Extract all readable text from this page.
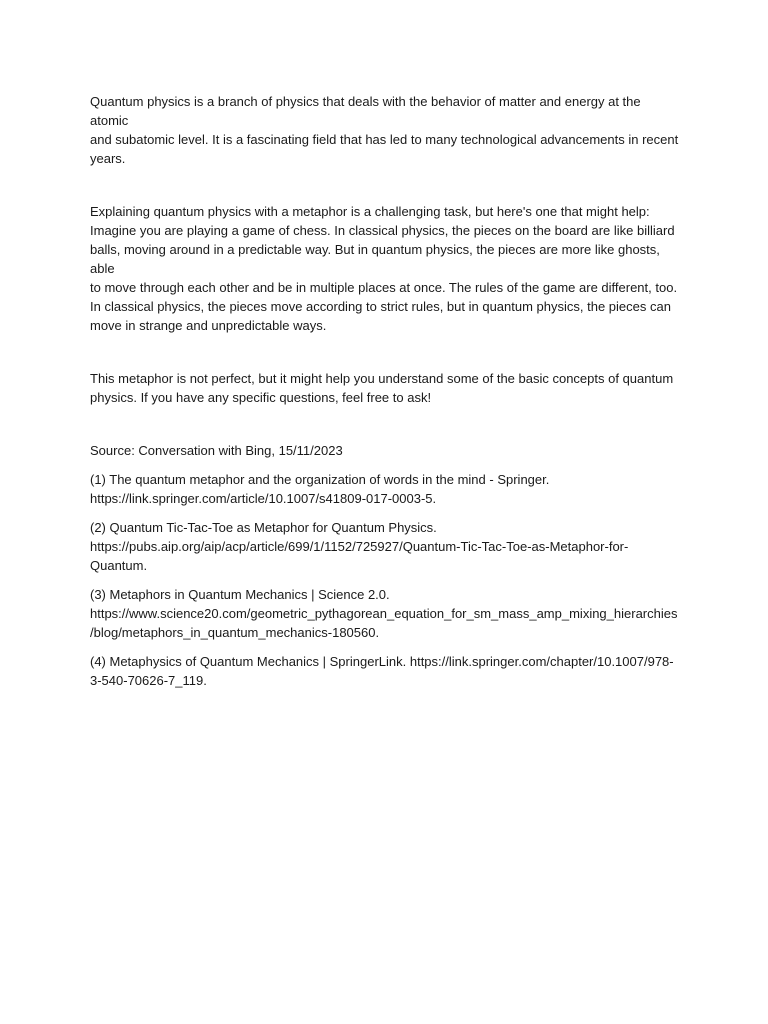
Quantum physics is a branch of physics that deals with the behavior of matter and energy at the atomic
and subatomic level. It is a fascinating field that has led to many technological advancements in recent
years.

Explaining quantum physics with a metaphor is a challenging task, but here's one that might help:
Imagine you are playing a game of chess. In classical physics, the pieces on the board are like billiard
balls, moving around in a predictable way. But in quantum physics, the pieces are more like ghosts, able
to move through each other and be in multiple places at once. The rules of the game are different, too.
In classical physics, the pieces move according to strict rules, but in quantum physics, the pieces can
move in strange and unpredictable ways.

This metaphor is not perfect, but it might help you understand some of the basic concepts of quantum
physics. If you have any specific questions, feel free to ask!

Source: Conversation with Bing, 15/11/2023

(1) The quantum metaphor and the organization of words in the mind - Springer.
https://link.springer.com/article/10.1007/s41809-017-0003-5.

(2) Quantum Tic-Tac-Toe as Metaphor for Quantum Physics.
https://pubs.aip.org/aip/acp/article/699/1/1152/725927/Quantum-Tic-Tac-Toe-as-Metaphor-for-
Quantum.

(3) Metaphors in Quantum Mechanics | Science 2.0.
https://www.science20.com/geometric_pythagorean_equation_for_sm_mass_amp_mixing_hierarchies
/blog/metaphors_in_quantum_mechanics-180560.

(4) Metaphysics of Quantum Mechanics | SpringerLink. https://link.springer.com/chapter/10.1007/978-
3-540-70626-7_119.
